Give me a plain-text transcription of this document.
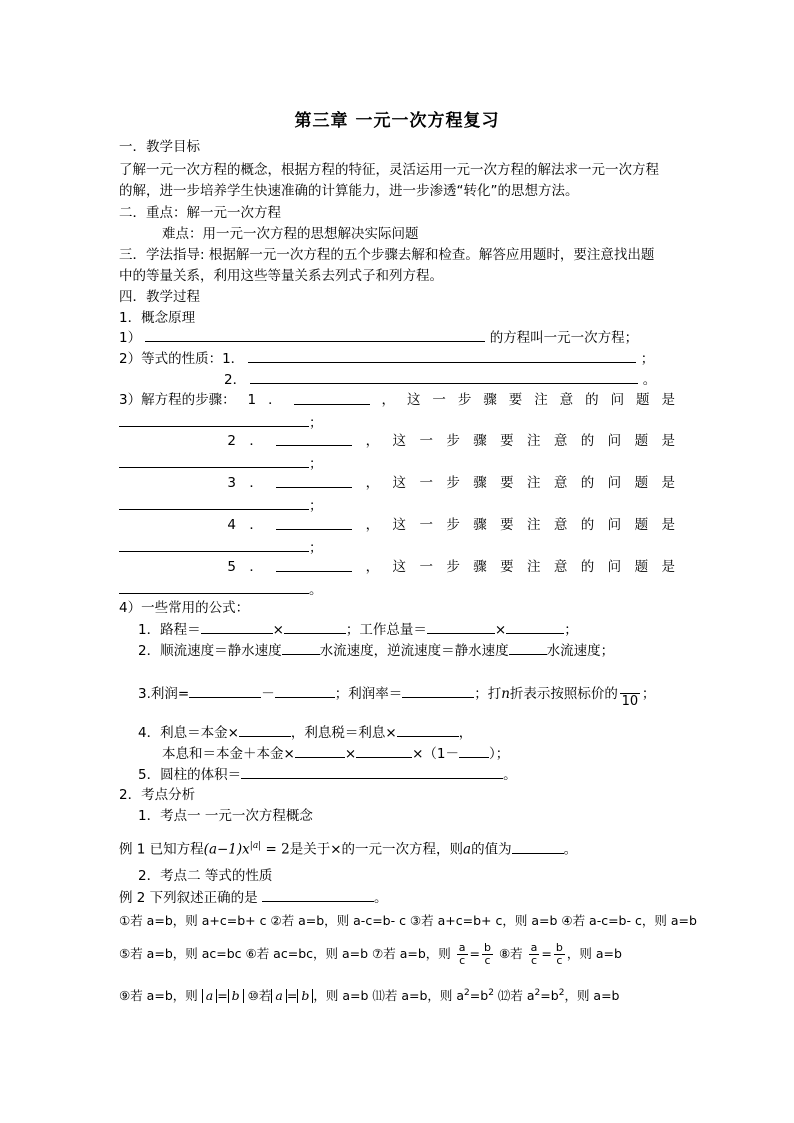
第三章 一元一次方程复习
一．教学目标
了解一元一次方程的概念，根据方程的特征，灵活运用一元一次方程的解法求一元一次方程
的解，进一步培养学生快速准确的计算能力，进一步渗透“转化”的思想方法。
二．重点：解一元一次方程
难点：用一元一次方程的思想解决实际问题
三．学法指导: 根据解一元一次方程的五个步骤去解和检查。解答应用题时，要注意找出题
中的等量关系，利用这些等量关系去列式子和列方程。
四．教学过程
1．概念原理
1）	的方程叫一元一次方程；
2）等式的性质：1．	；
2．	。
3）解方程的步骤： 1 ．	， 这 一 步 骤 要 注 意 的 问 题 是
；
2 ．	， 这 一 步 骤 要 注 意 的 问 题 是
；
3 ．	， 这 一 步 骤 要 注 意 的 问 题 是
；
4 ．	， 这 一 步 骤 要 注 意 的 问 题 是
；
5 ．	， 这 一 步 骤 要 注 意 的 问 题 是
。
4）一些常用的公式：
1．路程＝	×	；工作总量＝	×	；
2．顺流速度＝静水速度	水流速度，逆流速度＝静水速度	水流速度；
3.利润=	－	；利润率＝	；打n折表示按照标价的 10 ；
4．利息＝本金×	，利息税＝利息×	，
本息和＝本金＋本金×	×	×（1－ ）；
5．圆柱的体积＝	。
2．考点分析
1．考点一 一元一次方程概念
例 1 已知方程$(a-1)x^{|a|} = 2$是关于×的一元一次方程，则a的值为	。
2．考点二 等式的性质
例 2 下列叙述正确的是	。
①若 a=b，则 a+c=b+ c ②若 a=b，则 a-c=b- c ③若 a+c=b+ c，则 a=b ④若 a-c=b- c，则 a=b
⑤若 a=b，则 ac=bc ⑥若 ac=bc，则 a=b ⑦若 a=b，则 $\frac{a}{c} = \frac{b}{c}$ ⑧若 $\frac{a}{c} = \frac{b}{c}$ ，则 a=b
⑨若 a=b，则 a = b ⑩若 a = b ，则 a=b ⑾若 a=b，则 $a^2=b^2$ ⑿若 $a^2=b^2$，则 a=b
